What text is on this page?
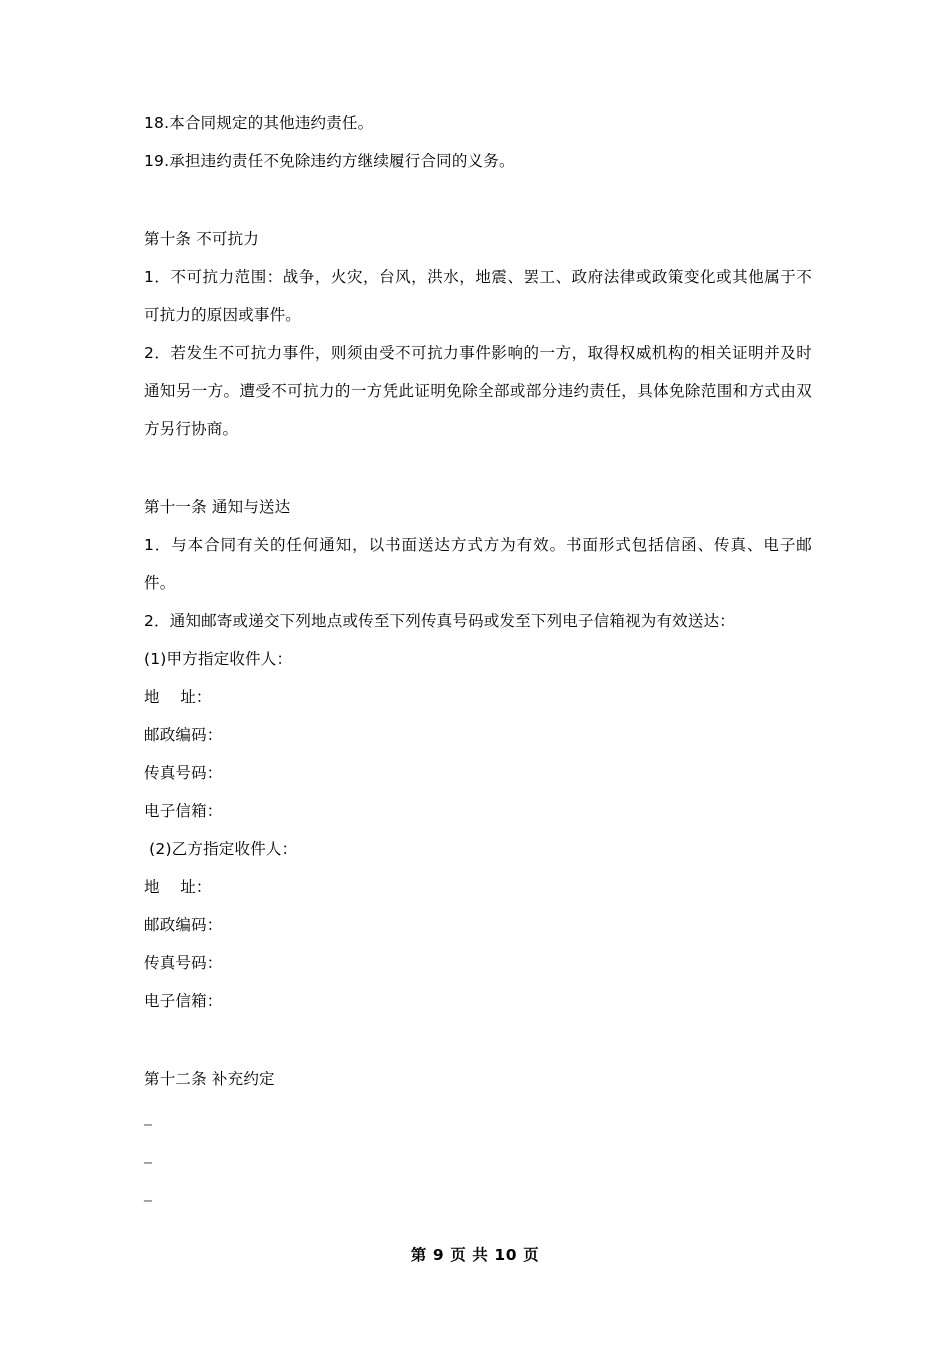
18.本合同规定的其他违约责任。
19.承担违约责任不免除违约方继续履行合同的义务。
第十条 不可抗力
1．不可抗力范围：战争，火灾，台风，洪水，地震、罢工、政府法律或政策变化或其他属于不可抗力的原因或事件。
2．若发生不可抗力事件，则须由受不可抗力事件影响的一方，取得权威机构的相关证明并及时通知另一方。遭受不可抗力的一方凭此证明免除全部或部分违约责任，具体免除范围和方式由双方另行协商。
第十一条 通知与送达
1．与本合同有关的任何通知，以书面送达方式方为有效。书面形式包括信函、传真、电子邮件。
2．通知邮寄或递交下列地点或传至下列传真号码或发至下列电子信箱视为有效送达：
(1)甲方指定收件人：
地    址：
邮政编码：
传真号码：
电子信箱：
(2)乙方指定收件人：
地    址：
邮政编码：
传真号码：
电子信箱：
第十二条 补充约定
_
_
_
第 9 页 共 10 页
